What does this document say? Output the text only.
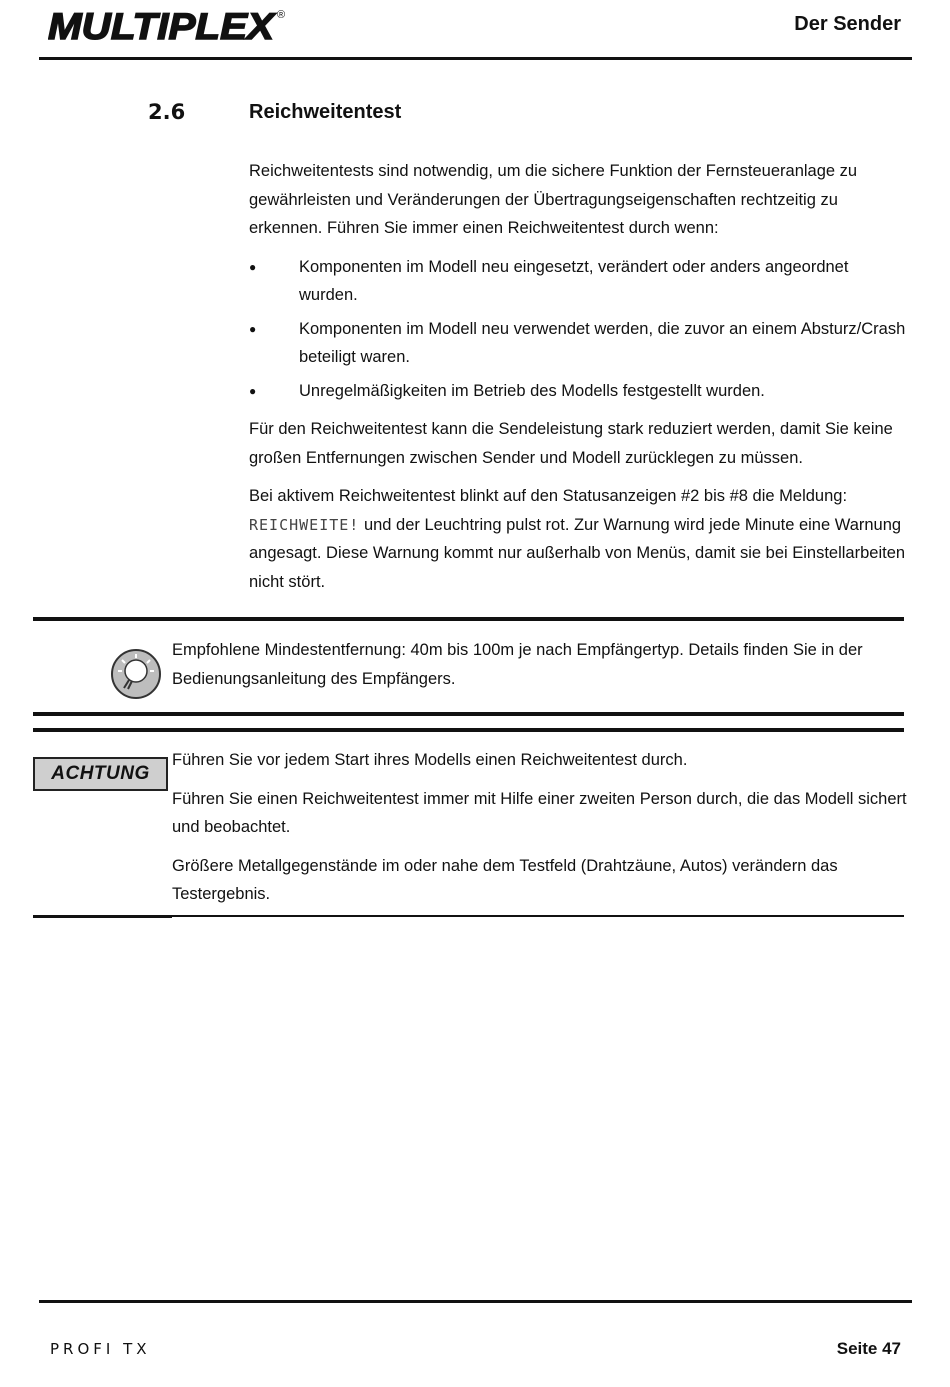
MULTIPLEX ®	Der Sender
2.6	Reichweitentest

Reichweitentests sind notwendig, um die sichere Funktion der Fernsteueranlage zu gewährleisten und Veränderungen der Übertragungseigenschaften rechtzeitig zu erkennen. Führen Sie immer einen Reichweitentest durch wenn:

● Komponenten im Modell neu eingesetzt, verändert oder anders angeordnet wurden.
● Komponenten im Modell neu verwendet werden, die zuvor an einem Absturz/Crash beteiligt waren.
● Unregelmäßigkeiten im Betrieb des Modells festgestellt wurden.

Für den Reichweitentest kann die Sendeleistung stark reduziert werden, damit Sie keine großen Entfernungen zwischen Sender und Modell zurücklegen zu müssen.

Bei aktivem Reichweitentest blinkt auf den Statusanzeigen #2 bis #8 die Meldung: REICHWEITE! und der Leuchtring pulst rot. Zur Warnung wird jede Minute eine Warnung angesagt. Diese Warnung kommt nur außerhalb von Menüs, damit sie bei Einstellarbeiten nicht stört.

Empfohlene Mindestentfernung: 40m bis 100m je nach Empfängertyp. Details finden Sie in der Bedienungsanleitung des Empfängers.
ACHTUNG

Führen Sie vor jedem Start ihres Modells einen Reichweitentest durch.

Führen Sie einen Reichweitentest immer mit Hilfe einer zweiten Person durch, die das Modell sichert und beobachtet.

Größere Metallgegenstände im oder nahe dem Testfeld (Drahtzäune, Autos) verändern das Testergebnis.

PROFI TX	Seite 47
